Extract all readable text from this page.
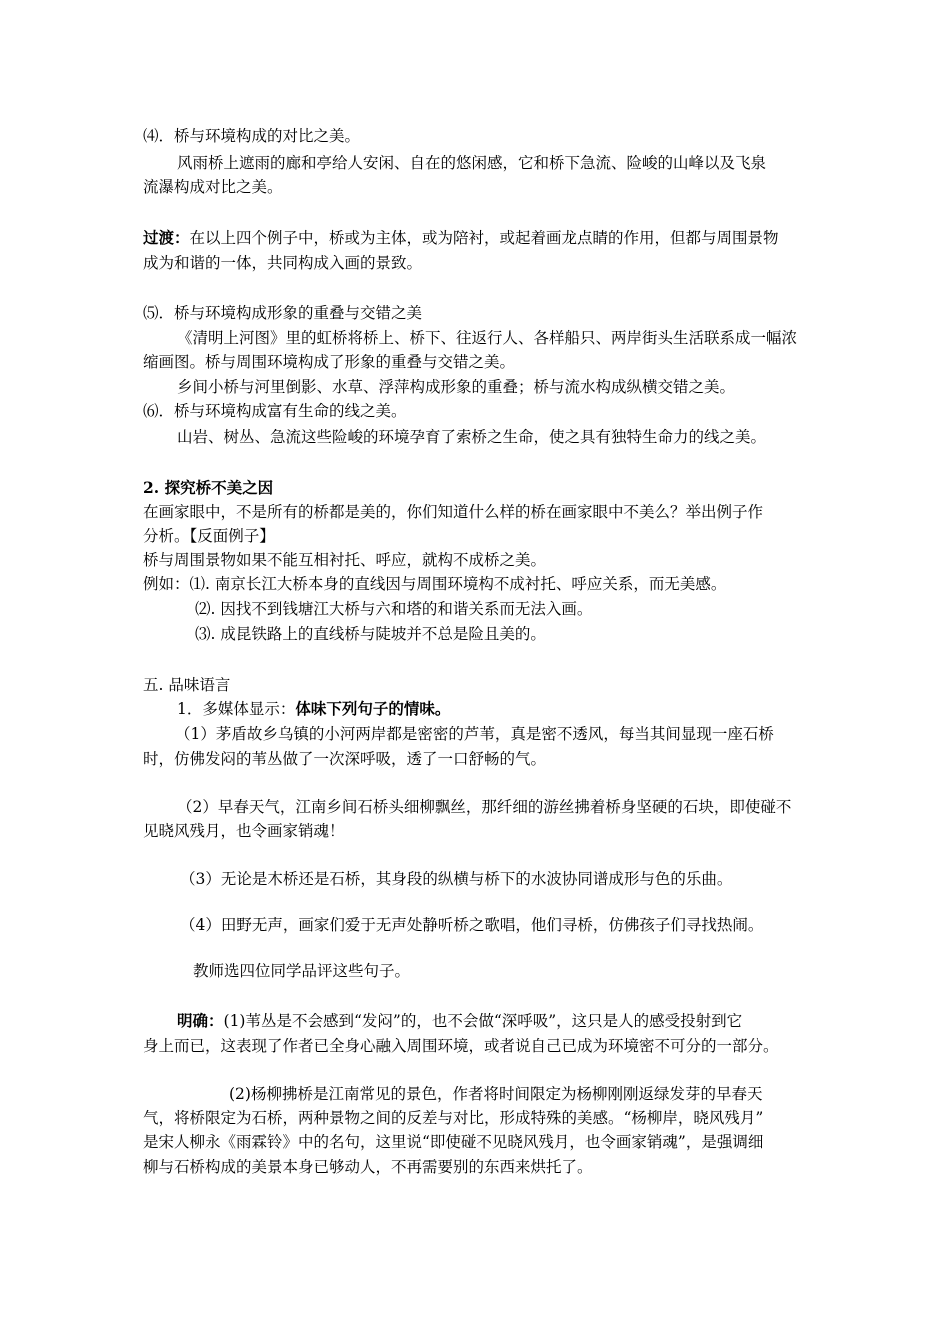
⑷．桥与环境构成的对比之美。
风雨桥上遮雨的廊和亭给人安闲、自在的悠闲感，它和桥下急流、险峻的山峰以及飞泉
流瀑构成对比之美。
过渡：在以上四个例子中，桥或为主体，或为陪衬，或起着画龙点睛的作用，但都与周围景物
成为和谐的一体，共同构成入画的景致。
⑸．桥与环境构成形象的重叠与交错之美
《清明上河图》里的虹桥将桥上、桥下、往返行人、各样船只、两岸街头生活联系成一幅浓
缩画图。桥与周围环境构成了形象的重叠与交错之美。
乡间小桥与河里倒影、水草、浮萍构成形象的重叠；桥与流水构成纵横交错之美。
⑹．桥与环境构成富有生命的线之美。
山岩、树丛、急流这些险峻的环境孕育了索桥之生命，使之具有独特生命力的线之美。
2. 探究桥不美之因
在画家眼中，不是所有的桥都是美的，你们知道什么样的桥在画家眼中不美么？举出例子作
分析。【反面例子】
桥与周围景物如果不能互相衬托、呼应，就构不成桥之美。
例如：⑴. 南京长江大桥本身的直线因与周围环境构不成衬托、呼应关系，而无美感。
⑵. 因找不到钱塘江大桥与六和塔的和谐关系而无法入画。
⑶. 成昆铁路上的直线桥与陡坡并不总是险且美的。
五. 品味语言
1．多媒体显示：体味下列句子的情味。
（1）茅盾故乡乌镇的小河两岸都是密密的芦苇，真是密不透风，每当其间显现一座石桥
时，仿佛发闷的苇丛做了一次深呼吸，透了一口舒畅的气。
（2）早春天气，江南乡间石桥头细柳飘丝，那纤细的游丝拂着桥身坚硬的石块，即使碰不
见晓风残月，也令画家销魂！
（3）无论是木桥还是石桥，其身段的纵横与桥下的水波协同谱成形与色的乐曲。
（4）田野无声，画家们爱于无声处静听桥之歌唱，他们寻桥，仿佛孩子们寻找热闹。
教师选四位同学品评这些句子。
明确：(1)苇丛是不会感到“发闷”的，也不会做“深呼吸”，这只是人的感受投射到它
身上而已，这表现了作者已全身心融入周围环境，或者说自己已成为环境密不可分的一部分。
(2)杨柳拂桥是江南常见的景色，作者将时间限定为杨柳刚刚返绿发芽的早春天
气，将桥限定为石桥，两种景物之间的反差与对比，形成特殊的美感。“杨柳岸，晓风残月”
是宋人柳永《雨霖铃》中的名句，这里说“即使碰不见晓风残月，也令画家销魂”，是强调细
柳与石桥构成的美景本身已够动人，不再需要别的东西来烘托了。
